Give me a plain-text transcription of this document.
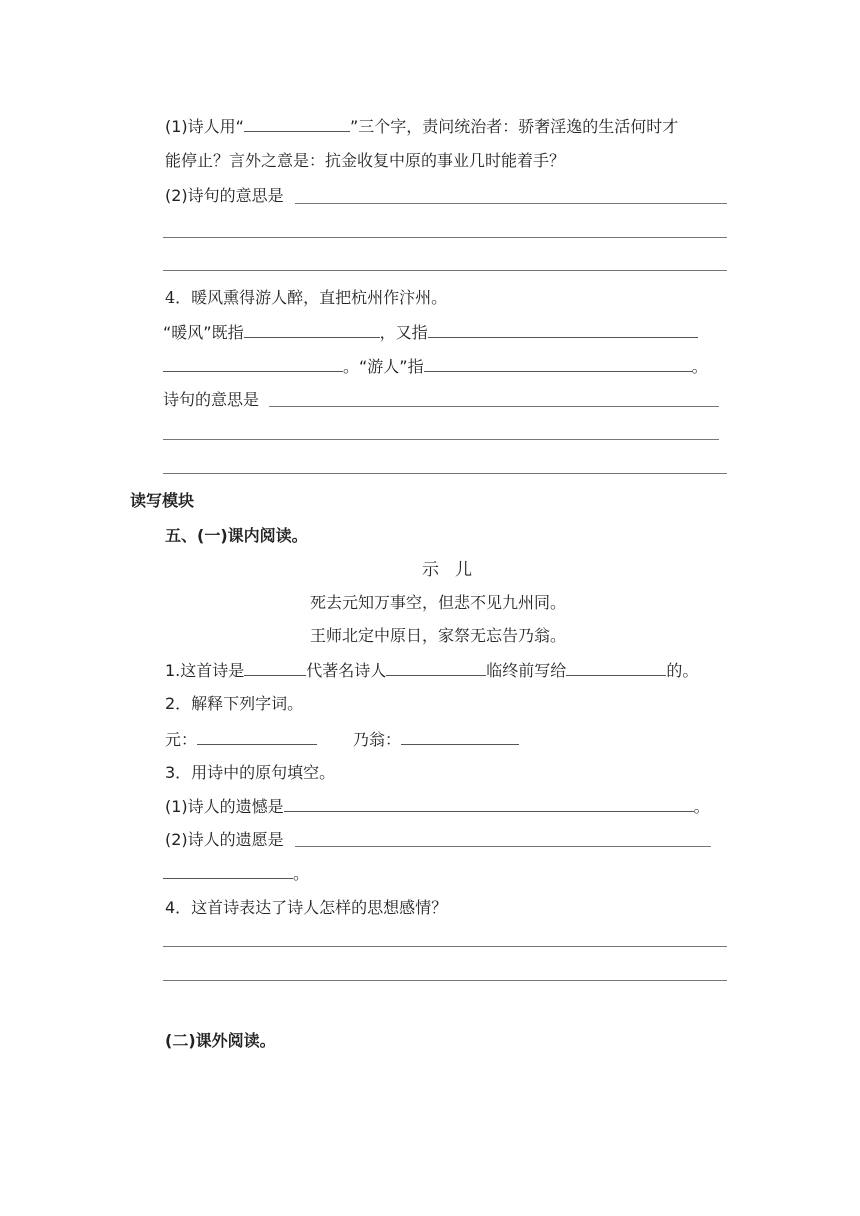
(1)诗人用“	”三个字，责问统治者：骄奢淫逸的生活何时才
能停止？言外之意是：抗金收复中原的事业几时能着手？
(2)诗句的意思是
4．暖风熏得游人醉，直把杭州作汴州。
“暖风”既指	，又指
。“游人”指	。
诗句的意思是
读写模块
五、(一)课内阅读。
示儿
死去元知万事空，但悲不见九州同。
王师北定中原日，家祭无忘告乃翁。
1.这首诗是	代著名诗人	临终前写给	的。
2．解释下列字词。
元：	乃翁：
3．用诗中的原句填空。
(1)诗人的遗憾是	。
(2)诗人的遗愿是
。
4．这首诗表达了诗人怎样的思想感情？
(二)课外阅读。
